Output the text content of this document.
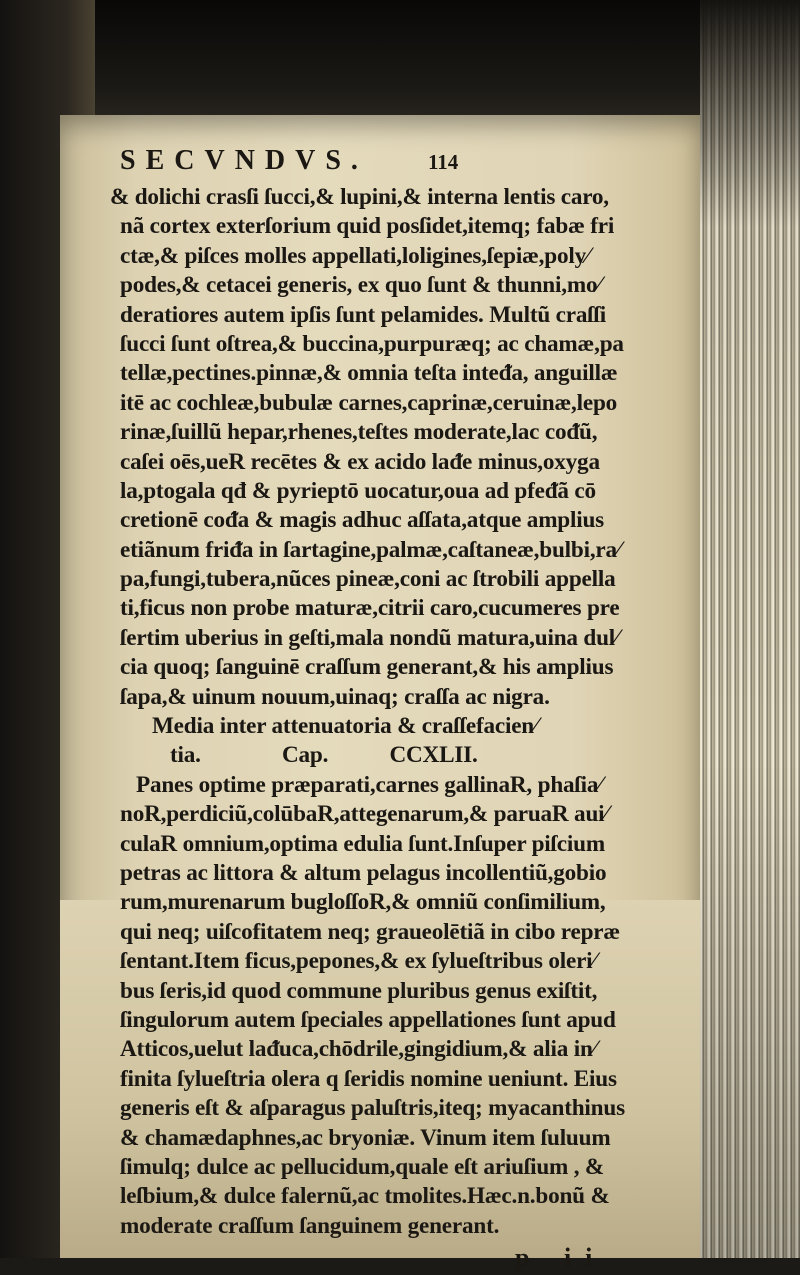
SECVNDVS.	114
& dolichi crasſi ſucci,& lupini,& interna lentis caro,
nã cortex exterſorium quid posſidet,itemq; fabæ fri
ctæ,& piſces molles appellati,loligines,ſepiæ,poly⁄
podes,& cetacei generis, ex quo ſunt & thunni,mo⁄
deratiores autem ipſis ſunt pelamides. Multũ craſſi
ſucci ſunt oſtrea,& buccina,purpuræq; ac chamæ,pa
tellæ,pectines.pinnæ,& omnia teſta inteᵭa, anguillæ
itē ac cochleæ,bubulæ carnes,caprinæ,ceruinæ,lepo
rinæ,ſuillũ hepar,rhenes,teſtes moderate,lac coᵭũ,
caſei oēs,ueR recētes & ex acido laᵭe minus,oxyga
la,ptogala qđ & pyrieptō uocatur,oua ad pfeᵭã cō
cretionē coᵭa & magis adhuc aſſata,atque amplius
etiãnum friᵭa in ſartagine,palmæ,caſtaneæ,bulbi,ra⁄
pa,fungi,tubera,nũces pineæ,coni ac ſtrobili appella
ti,ficus non probe maturæ,citrii caro,cucumeres pre
ſertim uberius in geſti,mala nondũ matura,uina dul⁄
cia quoq; ſanguinē craſſum generant,& his amplius
ſapa,& uinum nouum,uinaq; craſſa ac nigra.
Media inter attenuatoria & craſſefacien⁄
tia.	Cap.	CCXLII.
Panes optime præparati,carnes gallinaR, phaſia⁄
noR,perdiciũ,colūbaR,attegenarum,& paruaR aui⁄
culaR omnium,optima edulia ſunt.Inſuper piſcium
petras ac littora & altum pelagus incollentiũ,gobio
rum,murenarum bugloſſoR,& omniũ conſimilium,
qui neq; uiſcofitatem neq; graueolētiã in cibo repræ
ſentant.Item ficus,pepones,& ex ſylueſtribus oleri⁄
bus ſeris,id quod commune pluribus genus exiſtit,
ſingulorum autem ſpeciales appellationes ſunt apud
Atticos,uelut laᵭuca,chōdrile,gingidium,& alia in⁄
finita ſylueſtria olera q ſeridis nomine ueniunt. Eius
generis eſt & aſparagus paluſtris,iteq; myacanthinus
& chamædaphnes,ac bryoniæ. Vinum item ſuluum
ſimulq; dulce ac pellucidum,quale eſt ariuſium , &
leſbium,& dulce falernũ,ac tmolites.Hæc.n.bonũ &
moderate craſſum ſanguinem generant.
p ii
